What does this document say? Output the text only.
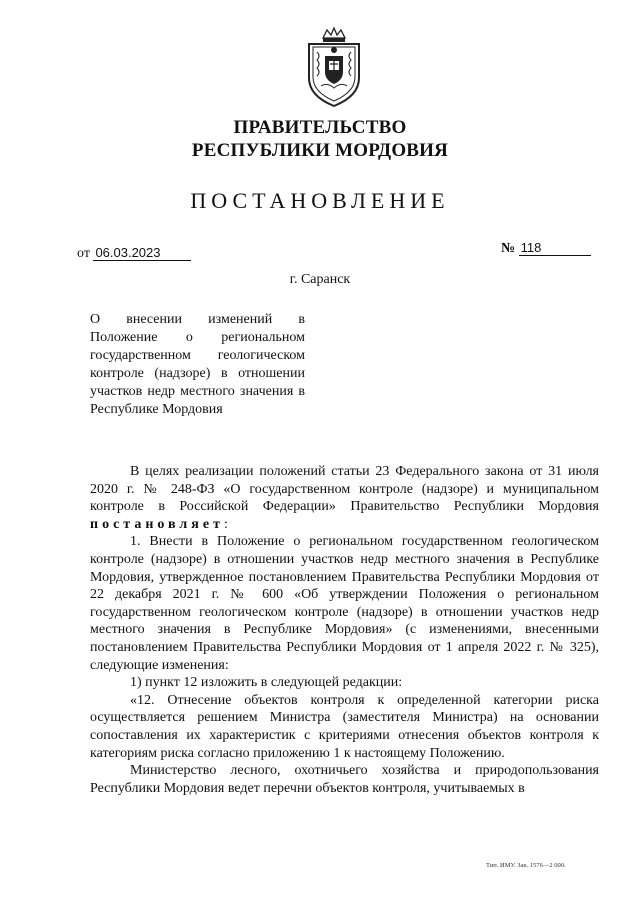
ПРАВИТЕЛЬСТВО
РЕСПУБЛИКИ МОРДОВИЯ
ПОСТАНОВЛЕНИЕ
от 06.03.2023	№ 118
г. Саранск
О внесении изменений в Положение о региональном государственном геологическом контроле (надзоре) в отношении участков недр местного значения в Республике Мордовия

В целях реализации положений статьи 23 Федерального закона от 31 июля 2020 г. № 248-ФЗ «О государственном контроле (надзоре) и муниципальном контроле в Российской Федерации» Правительство Республики Мордовия постановляет:

1. Внести в Положение о региональном государственном геологическом контроле (надзоре) в отношении участков недр местного значения в Республике Мордовия, утвержденное постановлением Правительства Республики Мордовия от 22 декабря 2021 г. № 600 «Об утверждении Положения о региональном государственном геологическом контроле (надзоре) в отношении участков недр местного значения в Республике Мордовия» (с изменениями, внесенными постановлением Правительства Республики Мордовия от 1 апреля 2022 г. № 325), следующие изменения:

1) пункт 12 изложить в следующей редакции:

«12. Отнесение объектов контроля к определенной категории риска осуществляется решением Министра (заместителя Министра) на основании сопоставления их характеристик с критериями отнесения объектов контроля к категориям риска согласно приложению 1 к настоящему Положению.

Министерство лесного, охотничьего хозяйства и природопользования Республики Мордовия ведет перечни объектов контроля, учитываемых в

Тип. ИМУ. Зак. 1576—2 000.
